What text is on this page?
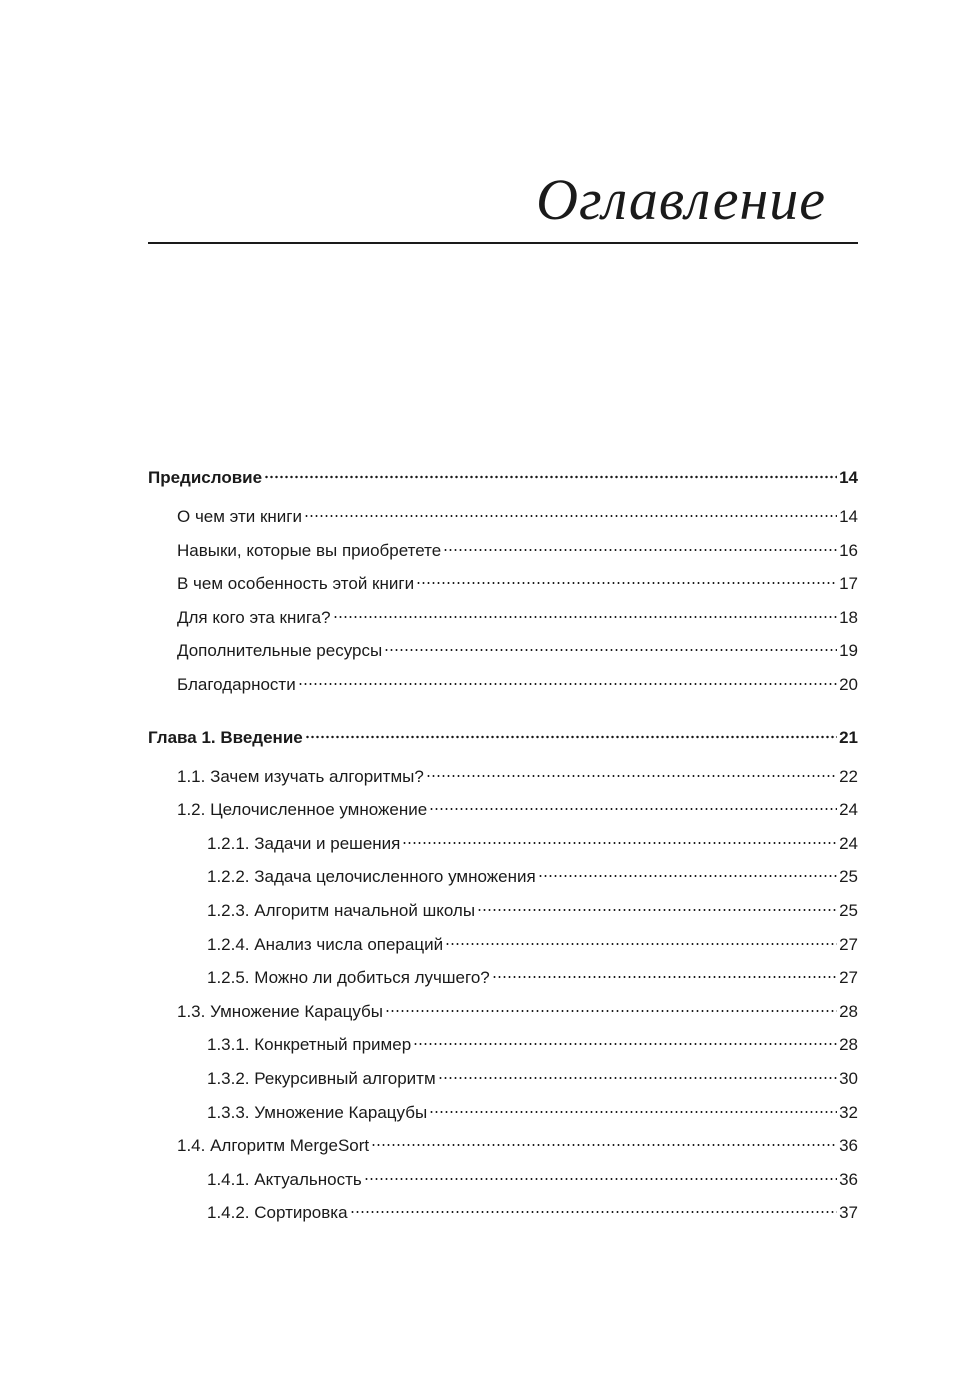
Оглавление
Предисловие	14
О чем эти книги	14
Навыки, которые вы приобретете	16
В чем особенность этой книги	17
Для кого эта книга?	18
Дополнительные ресурсы	19
Благодарности	20
Глава 1. Введение	21
1.1. Зачем изучать алгоритмы?	22
1.2. Целочисленное умножение	24
1.2.1. Задачи и решения	24
1.2.2. Задача целочисленного умножения	25
1.2.3. Алгоритм начальной школы	25
1.2.4. Анализ числа операций	27
1.2.5. Можно ли добиться лучшего?	27
1.3. Умножение Карацубы	28
1.3.1. Конкретный пример	28
1.3.2. Рекурсивный алгоритм	30
1.3.3. Умножение Карацубы	32
1.4. Алгоритм MergeSort	36
1.4.1. Актуальность	36
1.4.2. Сортировка	37
